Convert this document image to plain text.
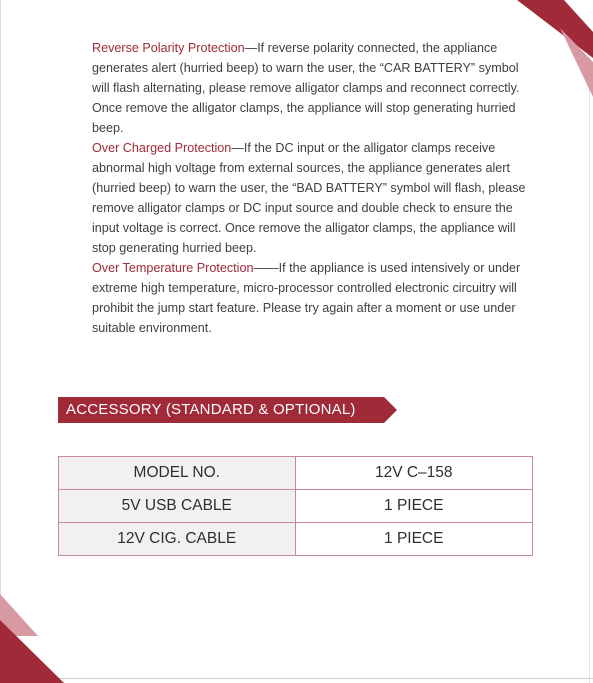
Reverse Polarity Protection—If reverse polarity connected, the appliance generates alert (hurried beep) to warn the user, the “CAR BATTERY” symbol will flash alternating, please remove alligator clamps and reconnect correctly. Once remove the alligator clamps, the appliance will stop generating hurried beep.

Over Charged Protection—If the DC input or the alligator clamps receive abnormal high voltage from external sources, the appliance generates alert (hurried beep) to warn the user, the “BAD BATTERY” symbol will flash, please remove alligator clamps or DC input source and double check to ensure the input voltage is correct. Once remove the alligator clamps, the appliance will stop generating hurried beep.

Over Temperature Protection——If the appliance is used intensively or under extreme high temperature, micro-processor controlled electronic circuitry will prohibit the jump start feature. Please try again after a moment or use under suitable environment.

ACCESSORY (STANDARD & OPTIONAL)
MODEL NO.	12V C–158
5V USB CABLE	1 PIECE
12V CIG. CABLE	1 PIECE
